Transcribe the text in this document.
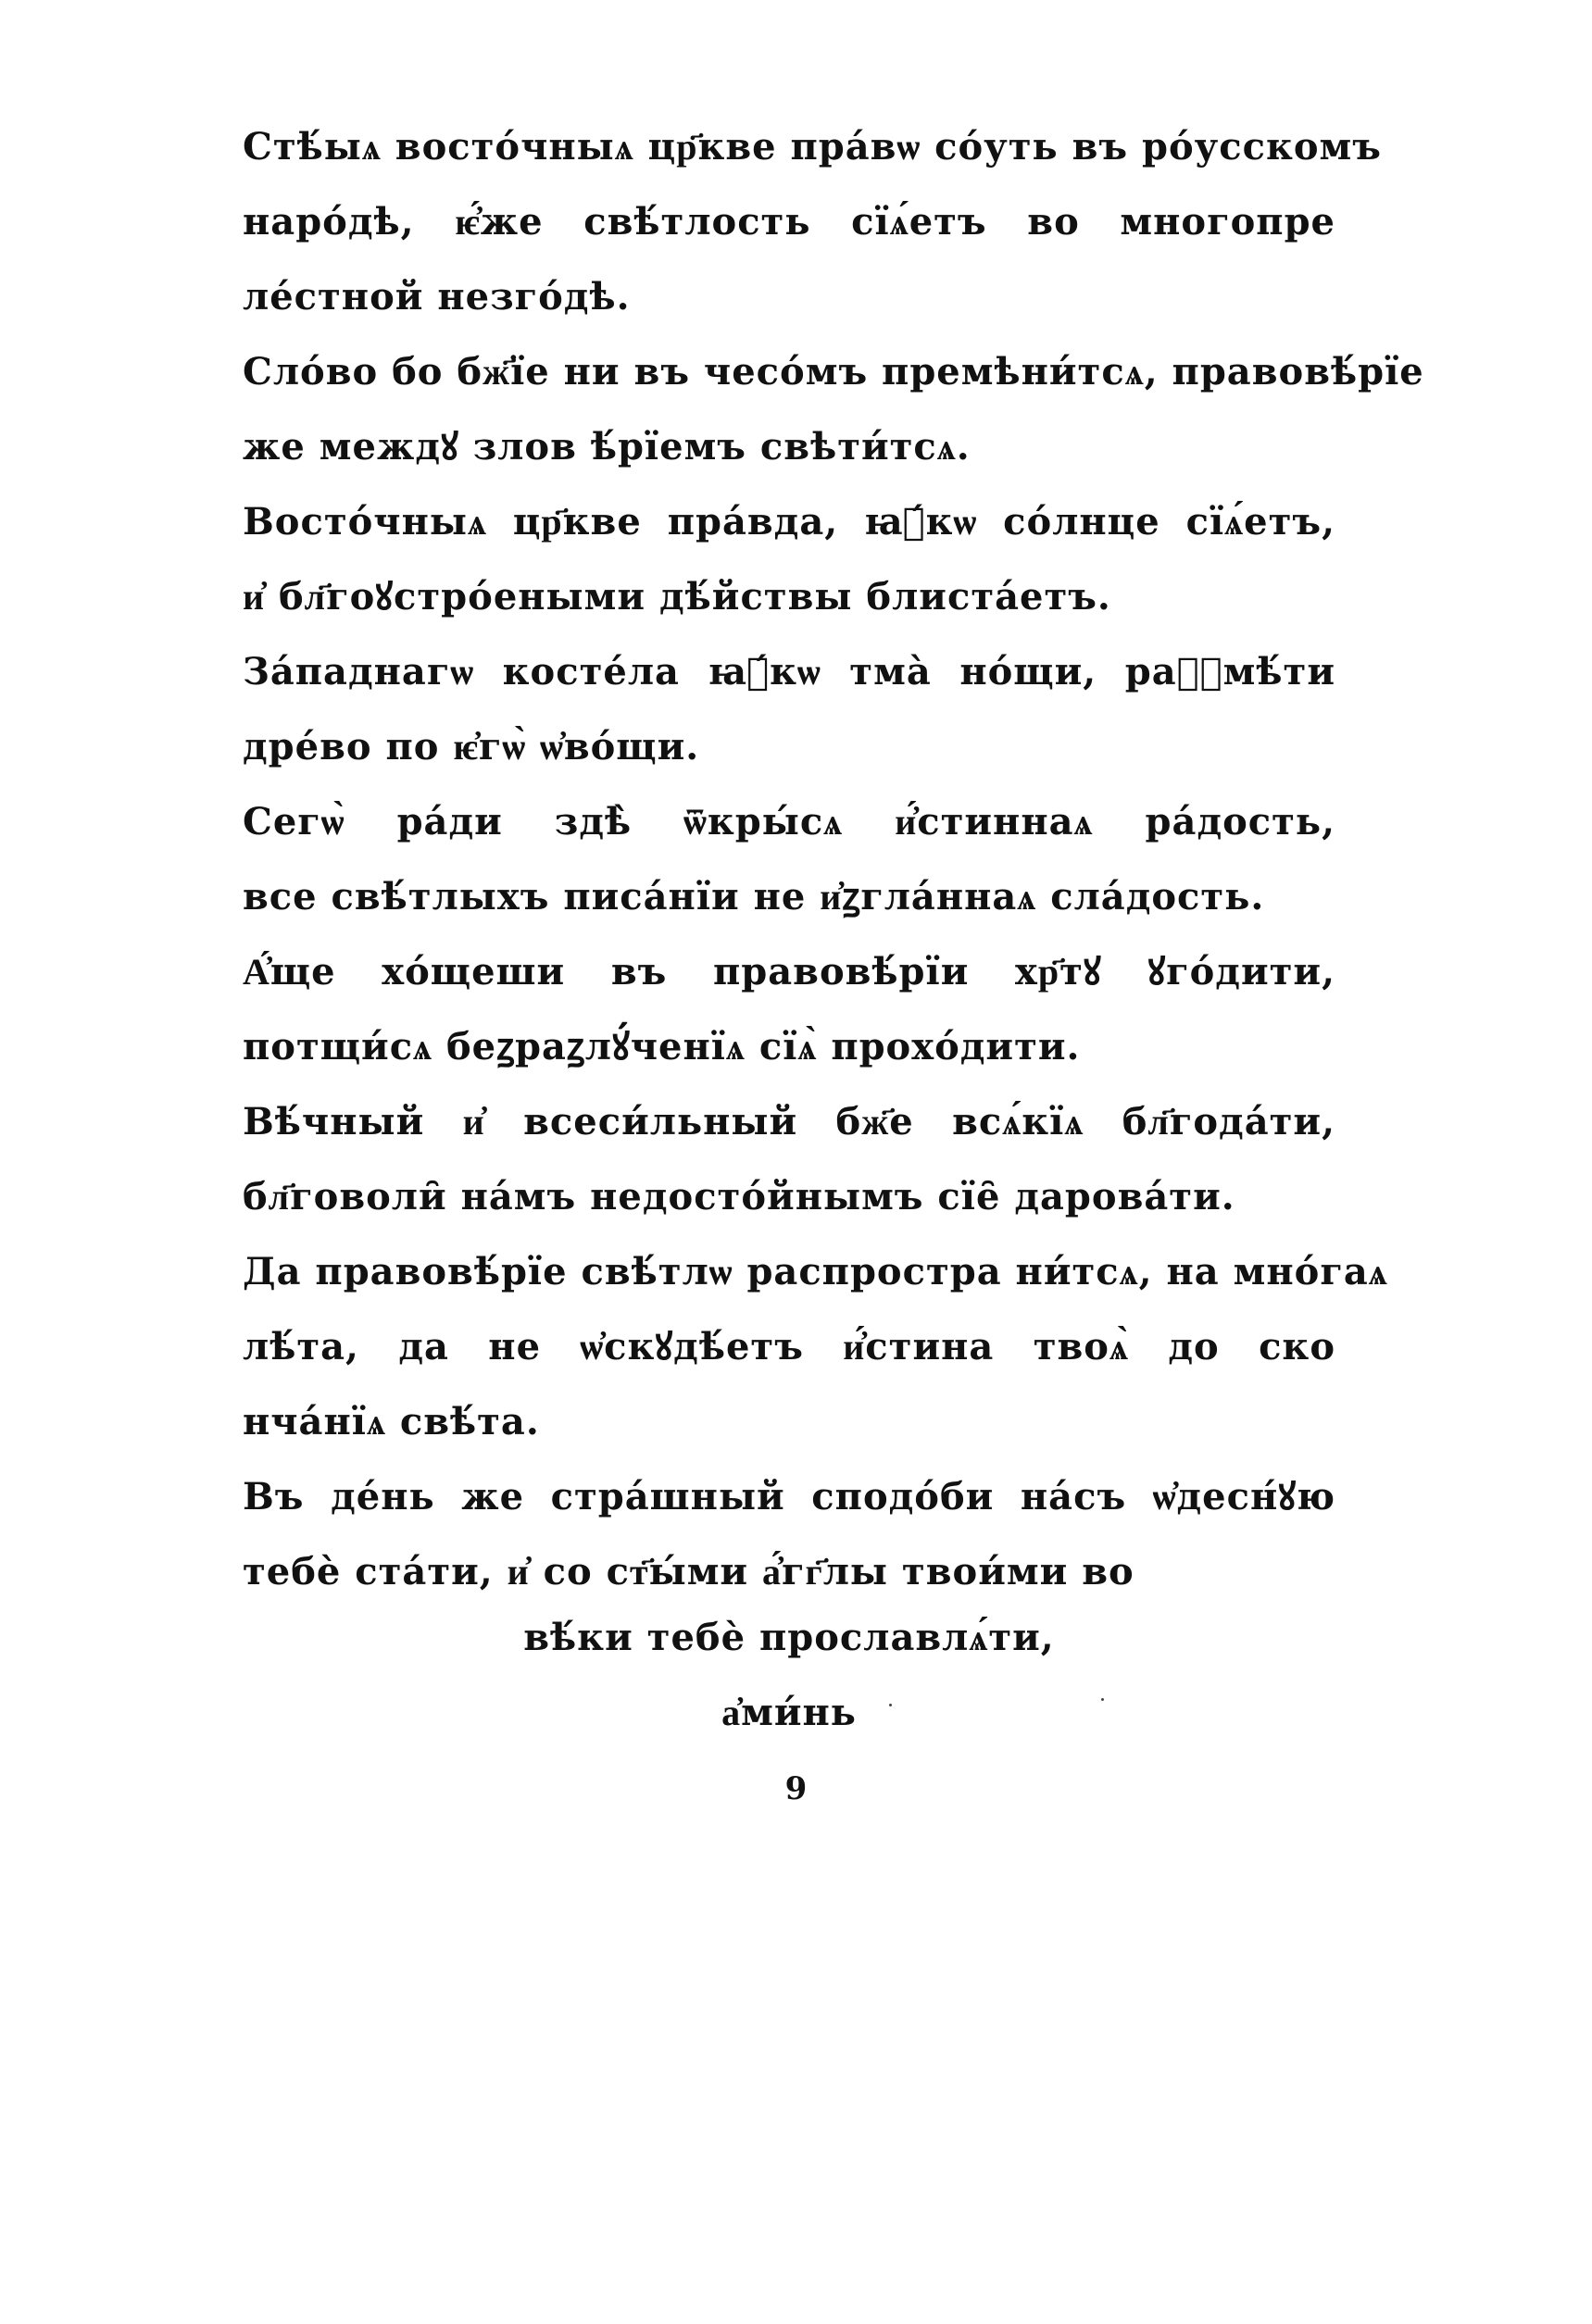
Стѣ́ыѧ восто́чныѧ цр҃кве пра́вѡ со́уть въ ро́усскомъ
наро́дѣ, ѥ҆́же свѣ́тлость сїѧ́етъ во многопре
ле́стной незго́дѣ.
Сло́во бо бж҃їе ни въ чесо́мъ премѣни́тсѧ, правовѣ́рїе
же междꙋ злов ѣ́рїемъ свѣти́тсѧ.
Восто́чныѧ цр҃кве пра́вда, ꙗ҆́кѡ со́лнце сїѧ́етъ,
и҆ бл҃гоꙋстро́еными дѣ́йствы блиста́етъ.
За́паднагѡ косте́ла ꙗ҆́кѡ тма̀ но́щи, раꙁꙋмѣ́ти
дре́во по ѥ҆гѡ̀ ѡ҆во́щи.
Сегѡ̀ ра́ди здѣ̀ ѿкры́сѧ и҆́стиннаѧ ра́дость,
все свѣ́тлыхъ писа́нїи не и҆ꙁгла́ннаѧ сла́дость.
А҆́ще хо́щеши въ правовѣ́рїи хр҃тꙋ ꙋго́дити,
потщи́сѧ беꙁраꙁлꙋ́ченїѧ сїѧ̀ прохо́дити.
Вѣ́чный и҆ всеси́льный бж҃е всѧ́кїѧ бл҃года́ти,
бл҃говоли̑ на́мъ недосто́йнымъ сїе̑ дарова́ти.
Да правовѣ́рїе свѣ́тлѡ распростра ни́тсѧ, на мно́гаѧ
лѣ́та, да не ѡ҆скꙋдѣ́етъ и҆́стина твоѧ̀ до ско
нча́нїѧ свѣ́та.
Въ де́нь же стра́шный сподо́би на́съ ѡ҆десн́ꙋю
тебѐ ста́ти, и҆ со ст҃ы́ми а҆́гг҃лы твои́ми во
вѣ́ки тебѐ прославлѧ́ти,
а҆ми́нь
9
